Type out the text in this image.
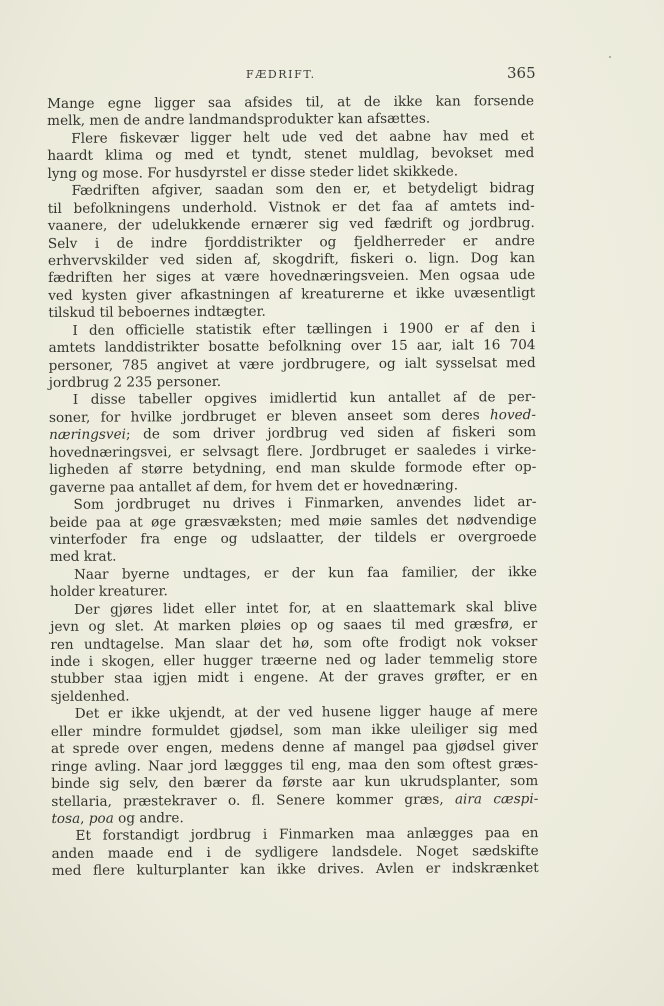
FÆDRIFT.	365
Mange egne ligger saa afsides til, at de ikke kan forsende
melk, men de andre landmandsprodukter kan afsættes.
Flere fiskevær ligger helt ude ved det aabne hav med et
haardt klima og med et tyndt, stenet muldlag, bevokset med
lyng og mose. For husdyrstel er disse steder lidet skikkede.
Fædriften afgiver, saadan som den er, et betydeligt bidrag
til befolkningens underhold. Vistnok er det faa af amtets ind-
vaanere, der udelukkende ernærer sig ved fædrift og jordbrug.
Selv i de indre fjorddistrikter og fjeldherreder er andre
erhvervskilder ved siden af, skogdrift, fiskeri o. lign. Dog kan
fædriften her siges at være hovednæringsveien. Men ogsaa ude
ved kysten giver afkastningen af kreaturerne et ikke uvæsentligt
tilskud til beboernes indtægter.
I den officielle statistik efter tællingen i 1900 er af den i
amtets landdistrikter bosatte befolkning over 15 aar, ialt 16 704
personer, 785 angivet at være jordbrugere, og ialt sysselsat med
jordbrug 2 235 personer.
I disse tabeller opgives imidlertid kun antallet af de per-
soner, for hvilke jordbruget er bleven anseet som deres hoved-
næringsvei; de som driver jordbrug ved siden af fiskeri som
hovednæringsvei, er selvsagt flere. Jordbruget er saaledes i virke-
ligheden af større betydning, end man skulde formode efter op-
gaverne paa antallet af dem, for hvem det er hovednæring.
Som jordbruget nu drives i Finmarken, anvendes lidet ar-
beide paa at øge græsvæksten; med møie samles det nødvendige
vinterfoder fra enge og udslaatter, der tildels er overgroede
med krat.
Naar byerne undtages, er der kun faa familier, der ikke
holder kreaturer.
Der gjøres lidet eller intet for, at en slaattemark skal blive
jevn og slet. At marken pløies op og saaes til med græsfrø, er
ren undtagelse. Man slaar det hø, som ofte frodigt nok vokser
inde i skogen, eller hugger træerne ned og lader temmelig store
stubber staa igjen midt i engene. At der graves grøfter, er en
sjeldenhed.
Det er ikke ukjendt, at der ved husene ligger hauge af mere
eller mindre formuldet gjødsel, som man ikke uleiliger sig med
at sprede over engen, medens denne af mangel paa gjødsel giver
ringe avling. Naar jord læggges til eng, maa den som oftest græs-
binde sig selv, den bærer da første aar kun ukrudsplanter, som
stellaria, præstekraver o. fl. Senere kommer græs, aira cæspi-
tosa, poa og andre.
Et forstandigt jordbrug i Finmarken maa anlægges paa en
anden maade end i de sydligere landsdele. Noget sædskifte
med flere kulturplanter kan ikke drives. Avlen er indskrænket
